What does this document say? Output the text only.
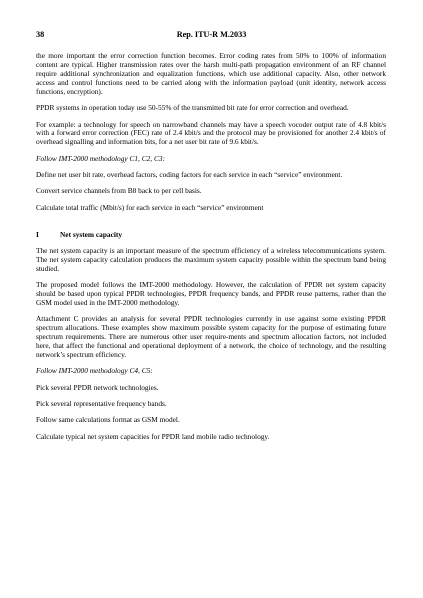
38	Rep. ITU-R M.2033

the more important the error correction function becomes. Error coding rates from 50% to 100% of information content are typical. Higher transmission rates over the harsh multi-path propagation environment of an RF channel require additional synchronization and equalization functions, which use additional capacity. Also, other network access and control functions need to be carried along with the information payload (unit identity, network access functions, encryption).

PPDR systems in operation today use 50-55% of the transmitted bit rate for error correction and overhead.

For example: a technology for speech on narrowband channels may have a speech vocoder output rate of 4.8 kbit/s with a forward error correction (FEC) rate of 2.4 kbit/s and the protocol may be provisioned for another 2.4 kbit/s of overhead signalling and information bits, for a net user bit rate of 9.6 kbit/s.

Follow IMT-2000 methodology C1, C2, C3:

Define net user bit rate, overhead factors, coding factors for each service in each “service” environment.

Convert service channels from B8 back to per cell basis.

Calculate total traffic (Mbit/s) for each service in each “service” environment

I	Net system capacity

The net system capacity is an important measure of the spectrum efficiency of a wireless telecommunications system. The net system capacity calculation produces the maximum system capacity possible within the spectrum band being studied.

The proposed model follows the IMT-2000 methodology. However, the calculation of PPDR net system capacity should be based upon typical PPDR technologies, PPDR frequency bands, and PPDR reuse patterns, rather than the GSM model used in the IMT-2000 methodology.

Attachment C provides an analysis for several PPDR technologies currently in use against some existing PPDR spectrum allocations. These examples show maximum possible system capacity for the purpose of estimating future spectrum requirements. There are numerous other user require-ments and spectrum allocation factors, not included here, that affect the functional and operational deployment of a network, the choice of technology, and the resulting network’s spectrum efficiency.

Follow IMT-2000 methodology C4, C5:

Pick several PPDR network technologies.

Pick several representative frequency bands.

Follow same calculations format as GSM model.

Calculate typical net system capacities for PPDR land mobile radio technology.
